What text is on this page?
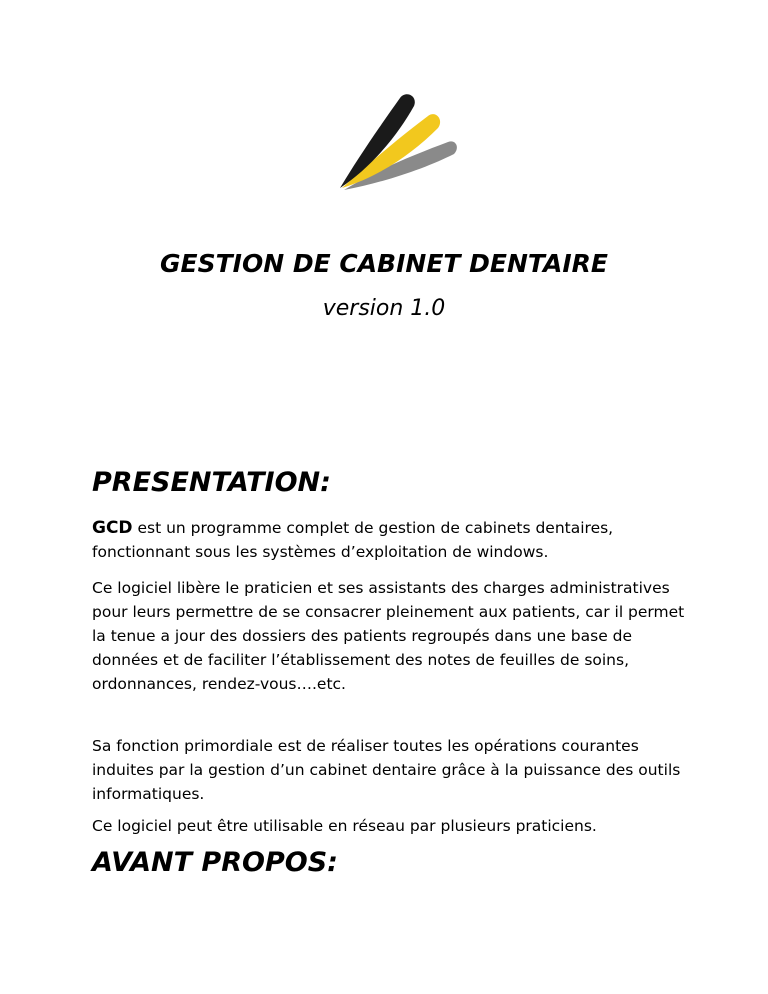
GESTION DE CABINET DENTAIRE

version 1.0

PRESENTATION:

GCD est un programme complet de gestion de cabinets dentaires, fonctionnant sous les systèmes d’exploitation de windows.

Ce logiciel libère le praticien et ses assistants des charges administratives pour leurs permettre de se consacrer pleinement aux patients, car il permet la tenue a jour des dossiers des patients regroupés dans une base de données et de faciliter l’établissement des notes de feuilles de soins, ordonnances, rendez-vous….etc.

Sa fonction primordiale est de réaliser toutes les opérations courantes induites par la gestion d’un cabinet dentaire grâce à la puissance des outils informatiques.

Ce logiciel peut être utilisable en réseau par plusieurs praticiens.

AVANT PROPOS:
